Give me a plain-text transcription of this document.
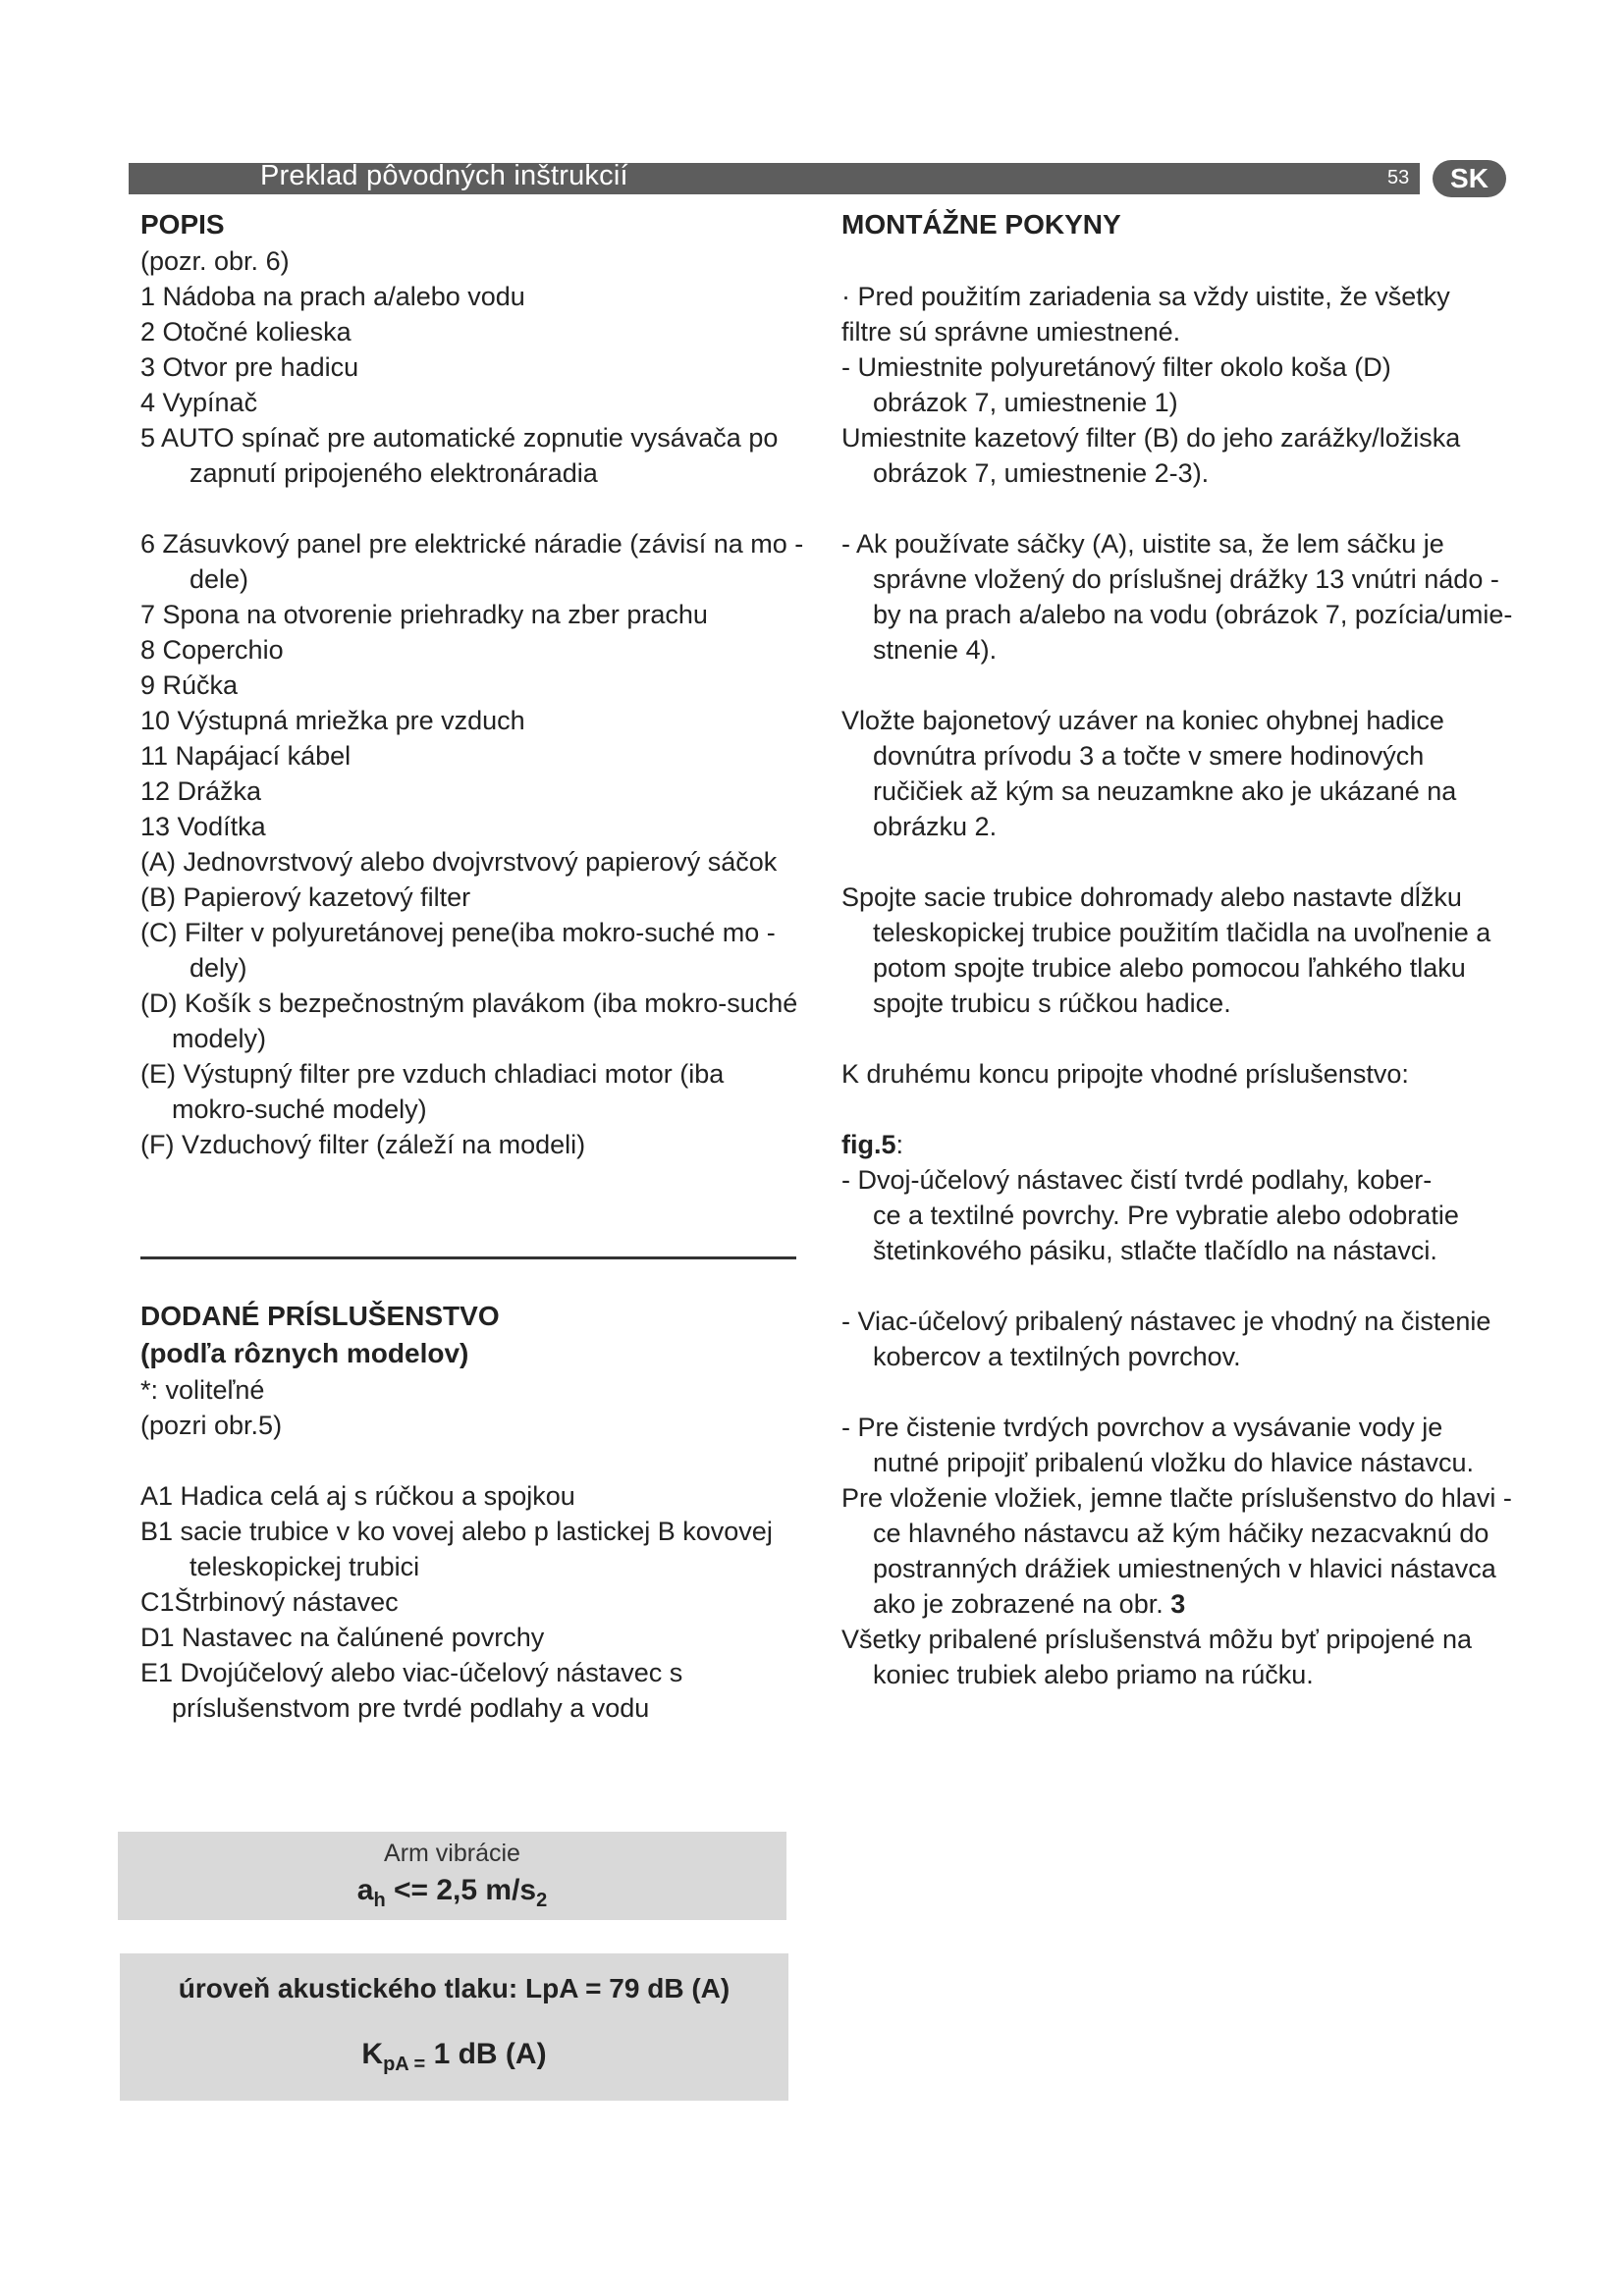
Preklad pôvodných inštrukcií	53	SK
POPIS
(pozr. obr. 6)
1 Nádoba na prach a/alebo vodu
2 Otočné kolieska
3 Otvor pre hadicu
4 Vypínač
5 AUTO spínač pre automatické zopnutie vysávača po
zapnutí pripojeného elektronáradia
6 Zásuvkový panel pre elektrické náradie (závisí na mo -
dele)
7 Spona na otvorenie priehradky na zber prachu
8 Coperchio
9 Rúčka
10 Výstupná mriežka pre vzduch
11 Napájací kábel
12 Drážka
13 Vodítka
(A) Jednovrstvový alebo dvojvrstvový papierový sáčok
(B) Papierový kazetový filter
(C) Filter v polyuretánovej pene(iba mokro-suché mo -
dely)
(D) Košík s bezpečnostným plavákom (iba mokro-suché
modely)
(E) Výstupný filter pre vzduch chladiaci motor (iba
mokro-suché modely)
(F) Vzduchový filter (záleží na modeli)
DODANÉ PRÍSLUŠENSTVO
(podľa rôznych modelov)
*: voliteľné
(pozri obr.5)
A1 Hadica celá aj s rúčkou a spojkou
B1 sacie trubice v ko vovej alebo p lastickej B kovovej
teleskopickej trubici
C1Štrbinový nástavec
D1 Nastavec na čalúnené povrchy
E1 Dvojúčelový alebo viac-účelový nástavec s
príslušenstvom pre tvrdé podlahy a vodu
Arm vibrácie
$a_h <= 2,5$ $m/s_2$
úroveň akustického tlaku: LpA = 79 dB (A)
$K_{pA =}$ 1 dB (A)
MONTÁŽNE POKYNY
· Pred použitím zariadenia sa vždy uistite, že všetky
filtre sú správne umiestnené.
- Umiestnite polyuretánový filter okolo koša (D)
obrázok 7, umiestnenie 1)
Umiestnite kazetový filter (B) do jeho zarážky/ložiska
obrázok 7, umiestnenie 2-3).
- Ak používate sáčky (A), uistite sa, že lem sáčku je
správne vložený do príslušnej drážky 13 vnútri nádo -
by na prach a/alebo na vodu (obrázok 7, pozícia/umie-
stnenie 4).
Vložte bajonetový uzáver na koniec ohybnej hadice
dovnútra prívodu 3 a točte v smere hodinových
ručičiek až kým sa neuzamkne ako je ukázané na
obrázku 2.
Spojte sacie trubice dohromady alebo nastavte dĺžku
teleskopickej trubice použitím tlačidla na uvoľnenie a
potom spojte trubice alebo pomocou ľahkého tlaku
spojte trubicu s rúčkou hadice.
K druhému koncu pripojte vhodné príslušenstvo:
fig.5:
- Dvoj-účelový nástavec čistí tvrdé podlahy, kober-
ce a textilné povrchy. Pre vybratie alebo odobratie
štetinkového pásiku, stlačte tlačídlo na nástavci.
- Viac-účelový pribalený nástavec je vhodný na čistenie
kobercov a textilných povrchov.
- Pre čistenie tvrdých povrchov a vysávanie vody je
nutné pripojiť pribalenú vložku do hlavice nástavcu.
Pre vloženie vložiek, jemne tlačte príslušenstvo do hlavi -
ce hlavného nástavcu až kým háčiky nezacvaknú do
postranných drážiek umiestnených v hlavici nástavca
ako je zobrazené na obr. 3
Všetky pribalené príslušenstvá môžu byť pripojené na
koniec trubiek alebo priamo na rúčku.
